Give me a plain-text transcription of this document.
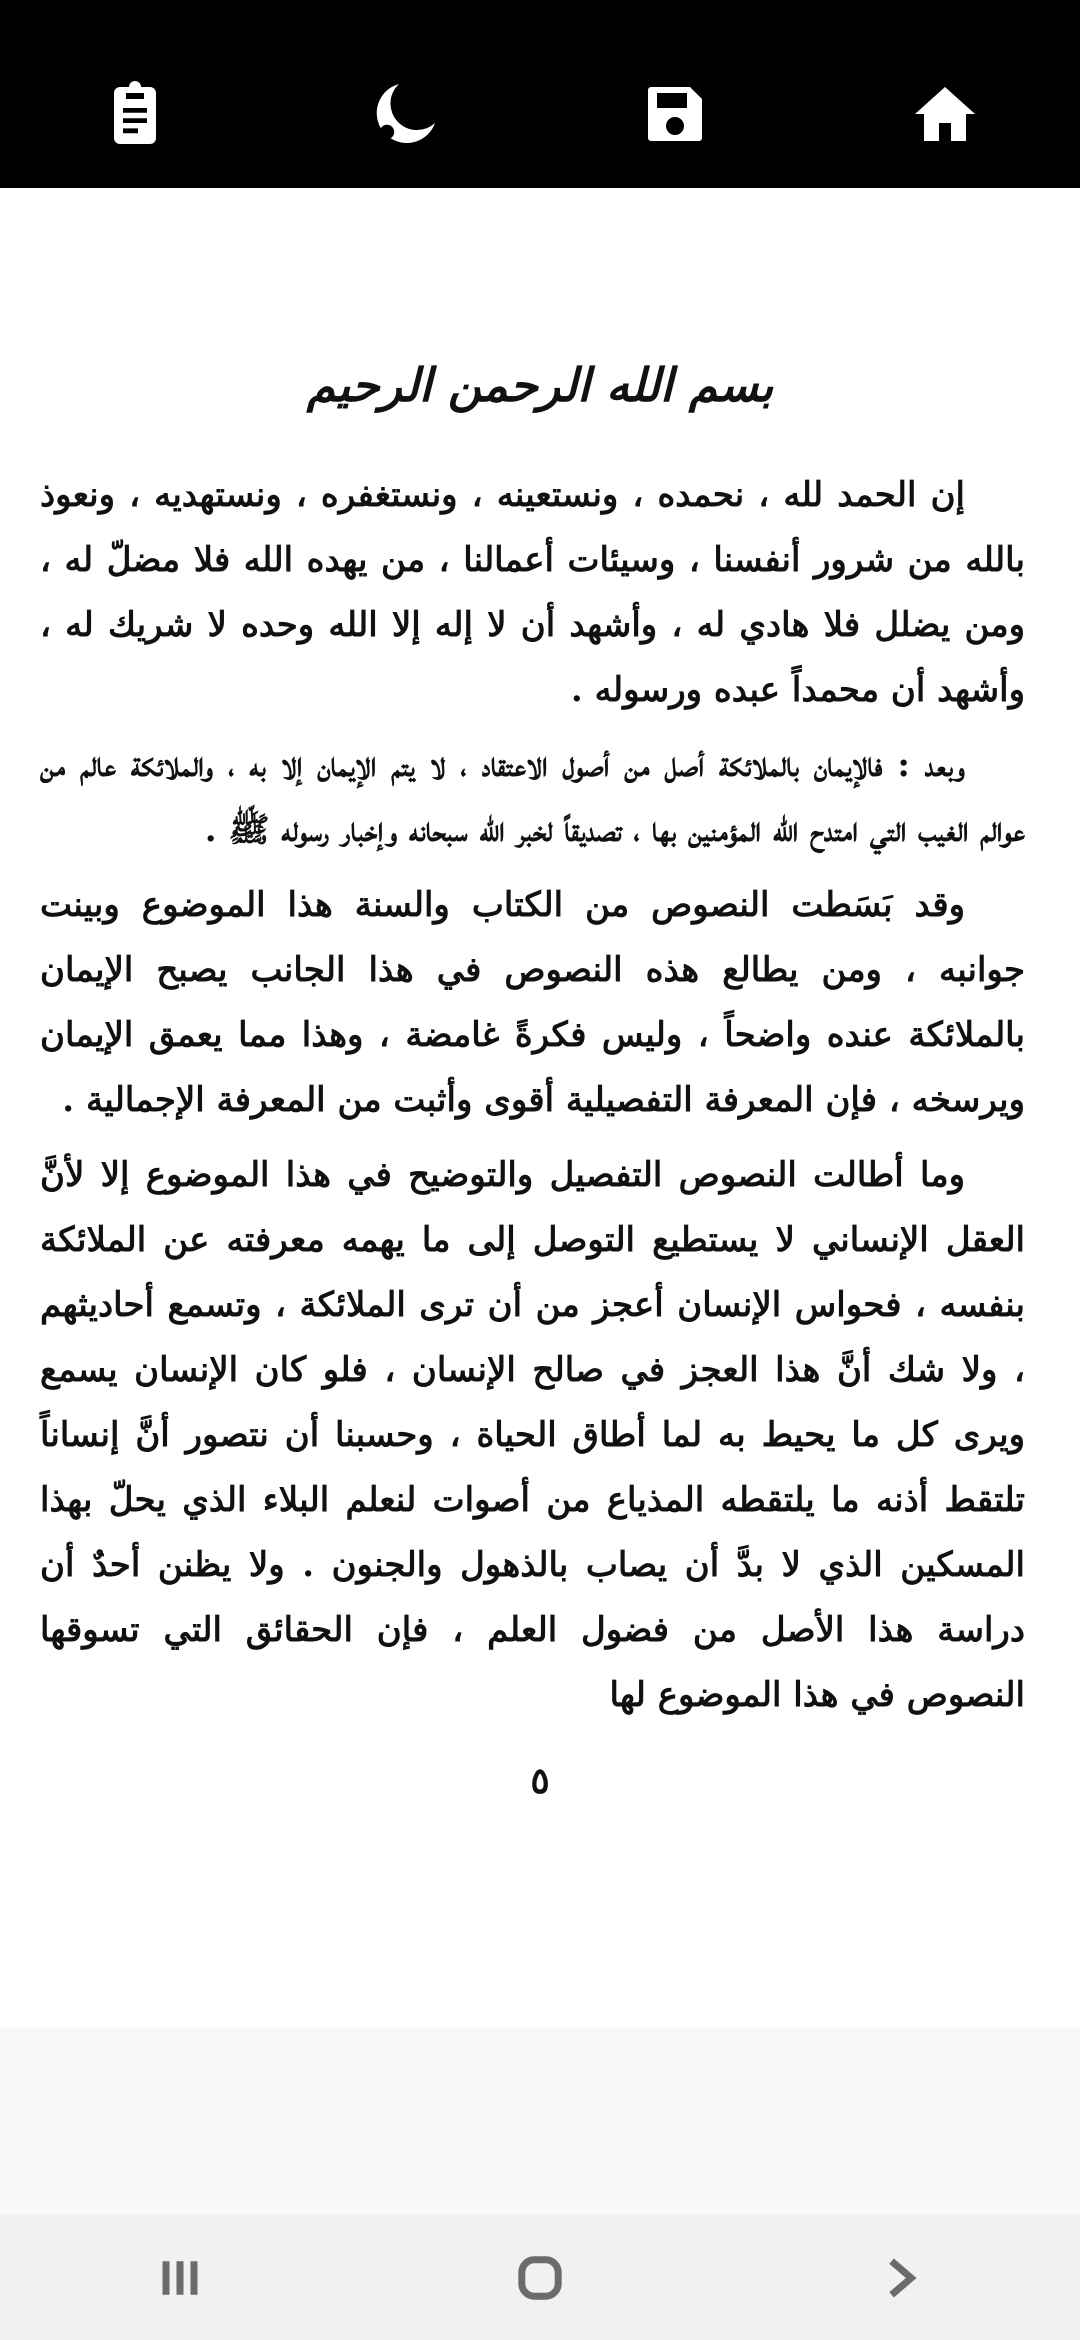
بسم الله الرحمن الرحيم

إن الحمد لله ، نحمده ، ونستعينه ، ونستغفره ، ونستهديه ، ونعوذ بالله من شرور أنفسنا ، وسيئات أعمالنا ، من يهده الله فلا مضلّ له ، ومن يضلل فلا هادي له ، وأشهد أن لا إله إلا الله وحده لا شريك له ، وأشهد أن محمداً عبده ورسوله .

وبعد : فالإيمان بالملائكة أصل من أصول الاعتقاد ، لا يتم الإيمان إلا به ، والملائكة عالم من عوالم الغيب التي امتدح الله المؤمنين بها ، تصديقاً لخبر الله سبحانه وإخبار رسوله ﷺ .

وقد بَسَطت النصوص من الكتاب والسنة هذا الموضوع وبينت جوانبه ، ومن يطالع هذه النصوص في هذا الجانب يصبح الإيمان بالملائكة عنده واضحاً ، وليس فكرةً غامضة ، وهذا مما يعمق الإيمان ويرسخه ، فإن المعرفة التفصيلية أقوى وأثبت من المعرفة الإجمالية .

وما أطالت النصوص التفصيل والتوضيح في هذا الموضوع إلا لأنَّ العقل الإنساني لا يستطيع التوصل إلى ما يهمه معرفته عن الملائكة بنفسه ، فحواس الإنسان أعجز من أن ترى الملائكة ، وتسمع أحاديثهم ، ولا شك أنَّ هذا العجز في صالح الإنسان ، فلو كان الإنسان يسمع ويرى كل ما يحيط به لما أطاق الحياة ، وحسبنا أن نتصور أنَّ إنساناً تلتقط أذنه ما يلتقطه المذياع من أصوات لنعلم البلاء الذي يحلّ بهذا المسكين الذي لا بدَّ أن يصاب بالذهول والجنون . ولا يظنن أحدٌ أن دراسة هذا الأصل من فضول العلم ، فإن الحقائق التي تسوقها النصوص في هذا الموضوع لها

٥
